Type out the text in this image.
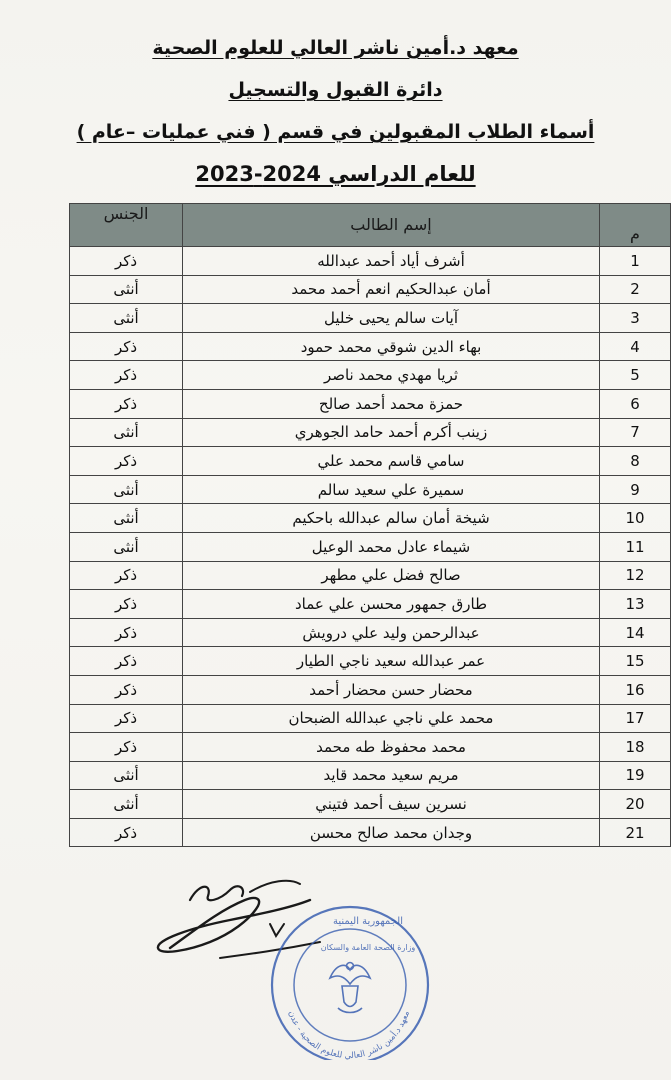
معهد د.أمين ناشر العالي للعلوم الصحية
دائرة القبول والتسجيل
أسماء الطلاب المقبولين في قسم ( فني عمليات –عام )
للعام الدراسي 2024-2023
م	إسم الطالب	الجنس
1	أشرف أياد أحمد عبدالله	ذكر
2	أمان عبدالحكيم انعم أحمد محمد	أنثى
3	آيات سالم يحيى خليل	أنثى
4	بهاء الدين شوقي محمد حمود	ذكر
5	ثريا مهدي محمد ناصر	ذكر
6	حمزة محمد أحمد صالح	ذكر
7	زينب أكرم أحمد حامد الجوهري	أنثى
8	سامي قاسم محمد علي	ذكر
9	سميرة علي سعيد سالم	أنثى
10	شيخة أمان سالم عبدالله باحكيم	أنثى
11	شيماء عادل محمد الوعيل	أنثى
12	صالح فضل علي مطهر	ذكر
13	طارق جمهور محسن علي عماد	ذكر
14	عبدالرحمن وليد علي درويش	ذكر
15	عمر عبدالله سعيد ناجي الطيار	ذكر
16	محضار حسن محضار أحمد	ذكر
17	محمد علي ناجي عبدالله الضبحان	ذكر
18	محمد محفوظ طه محمد	ذكر
19	مريم سعيد محمد قايد	أنثى
20	نسرين سيف أحمد فتيني	أنثى
21	وجدان محمد صالح محسن	ذكر
الجمهورية اليمنية
وزارة الصحة العامة والسكان
معهد د.أمين ناشر العالي للعلوم الصحية - عدن
